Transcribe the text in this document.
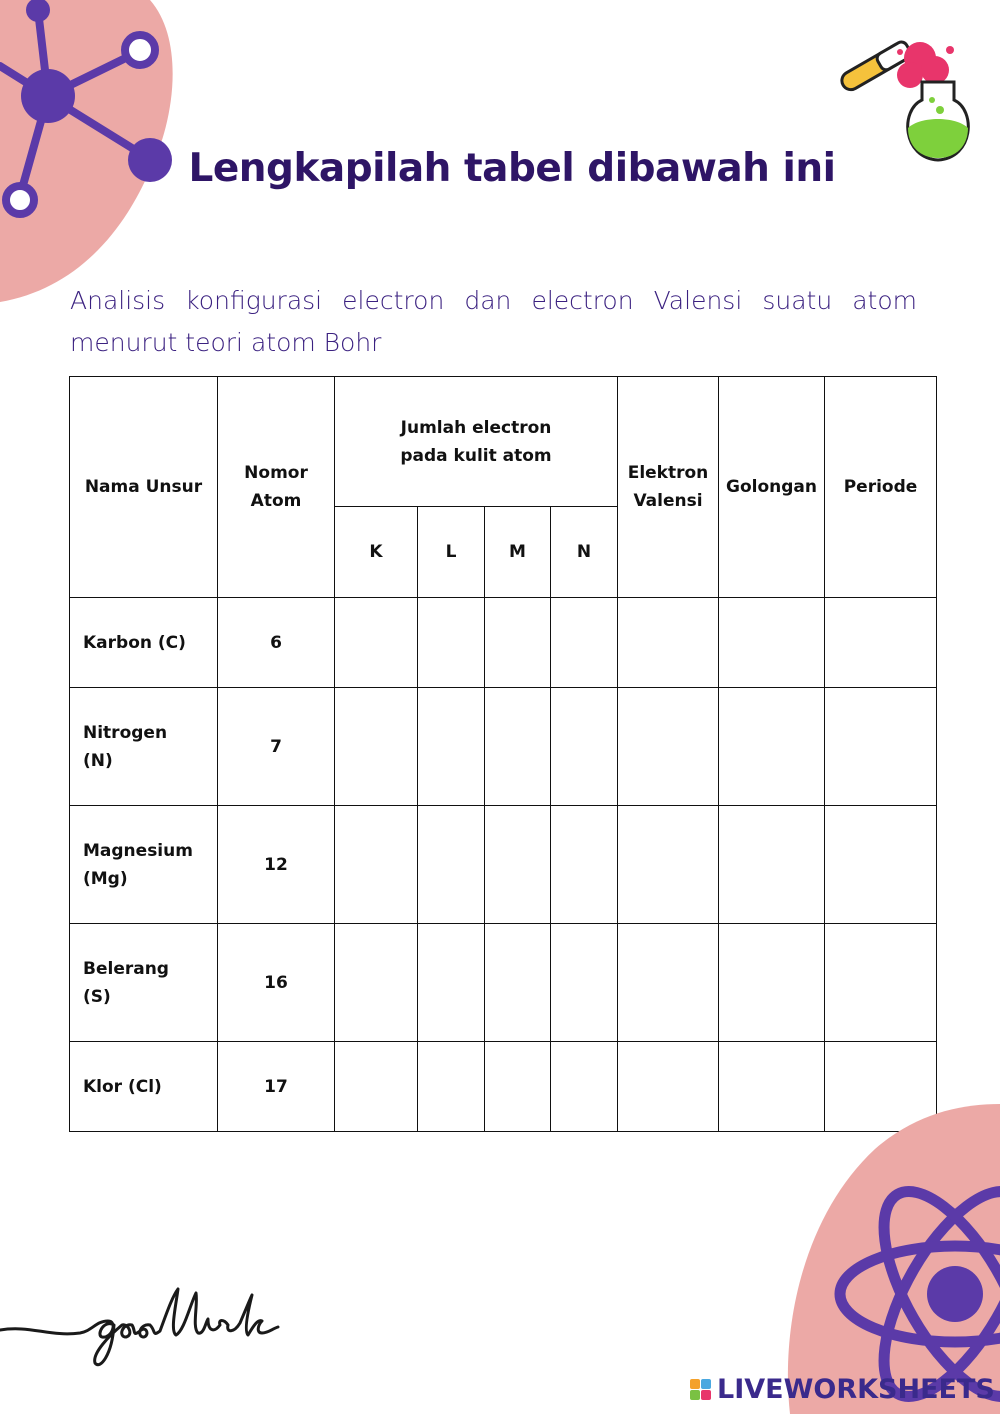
Lengkapilah tabel dibawah ini
Analisis konfigurasi electron dan electron Valensi suatu atom menurut teori atom Bohr
Nama Unsur	Nomor Atom	Jumlah electron pada kulit atom				Elektron Valensi	Golongan	Periode
		K	L	M	N			
Karbon (C)	6							

Nitrogen (N)	7							

Magnesium (Mg)	12							

Belerang (S)	16							
Klor (Cl)	17							
LIVEWORKSHEETS
